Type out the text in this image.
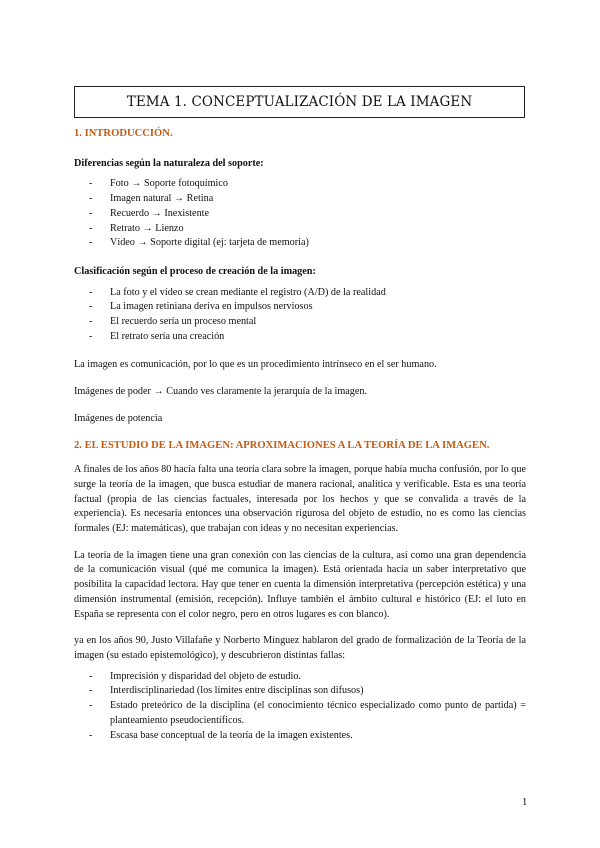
TEMA 1. CONCEPTUALIZACIÓN DE LA IMAGEN
1. INTRODUCCIÓN.

Diferencias según la naturaleza del soporte:

- Foto → Soporte fotoquímico
- Imagen natural → Retina
- Recuerdo → Inexistente
- Retrato → Lienzo
- Vídeo → Soporte digital (ej: tarjeta de memoria)

Clasificación según el proceso de creación de la imagen:

- La foto y el vídeo se crean mediante el registro (A/D) de la realidad
- La imagen retiniana deriva en impulsos nerviosos
- El recuerdo sería un proceso mental
- El retrato sería una creación

La imagen es comunicación, por lo que es un procedimiento intrínseco en el ser humano.

Imágenes de poder → Cuando ves claramente la jerarquía de la imagen.

Imágenes de potencia

2. EL ESTUDIO DE LA IMAGEN: APROXIMACIONES A LA TEORÍA DE LA IMAGEN.

A finales de los años 80 hacía falta una teoría clara sobre la imagen, porque había mucha confusión, por lo que surge la teoría de la imagen, que busca estudiar de manera racional, analítica y verificable. Esta es una teoría factual (propia de las ciencias factuales, interesada por los hechos y que se convalida a través de la experiencia). Es necesaria entonces una observación rigurosa del objeto de estudio, no es como las ciencias formales (EJ: matemáticas), que trabajan con ideas y no necesitan experiencias.

La teoría de la imagen tiene una gran conexión con las ciencias de la cultura, así como una gran dependencia de la comunicación visual (qué me comunica la imagen). Está orientada hacia un saber interpretativo que posibilita la capacidad lectora. Hay que tener en cuenta la dimensión interpretativa (percepción estética) y una dimensión instrumental (emisión, recepción). Influye también el ámbito cultural e histórico (EJ: el luto en España se representa con el color negro, pero en otros lugares es con blanco).

ya en los años 90, Justo Villafañe y Norberto Mínguez hablaron del grado de formalización de la Teoría de la imagen (su estado epistemológico), y descubrieron distintas fallas:

- Imprecisión y disparidad del objeto de estudio.
- Interdisciplinariedad (los límites entre disciplinas son difusos)
- Estado preteórico de la disciplina (el conocimiento técnico especializado como punto de partida) = planteamiento pseudocientíficos.
- Escasa base conceptual de la teoría de la imagen existentes.
1
